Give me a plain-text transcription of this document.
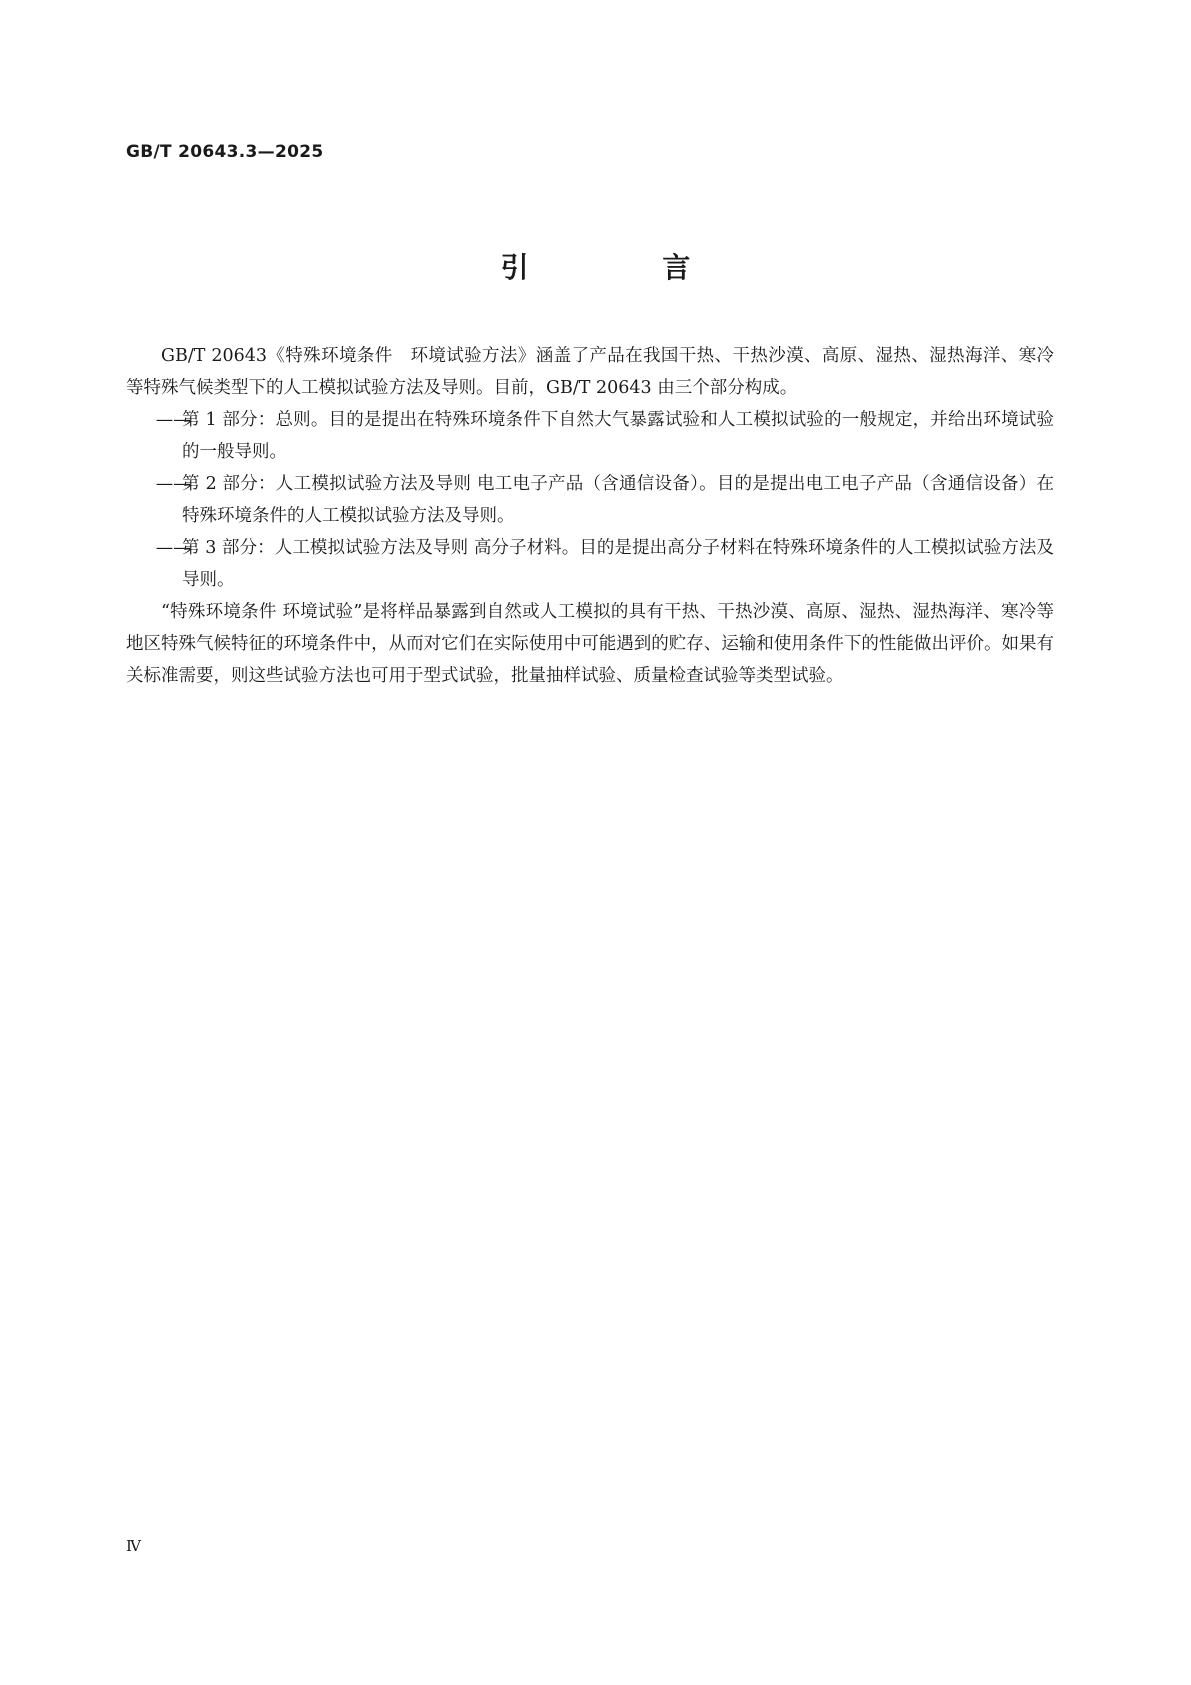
GB/T 20643.3—2025
引 言

GB/T 20643《特殊环境条件　环境试验方法》涵盖了产品在我国干热、干热沙漠、高原、湿热、湿热海洋、寒冷等特殊气候类型下的人工模拟试验方法及导则。目前，GB/T 20643 由三个部分构成。

——
第 1 部分：总则。目的是提出在特殊环境条件下自然大气暴露试验和人工模拟试验的一般规定，并给出环境试验的一般导则。
——
第 2 部分：人工模拟试验方法及导则 电工电子产品（含通信设备）。目的是提出电工电子产品（含通信设备）在特殊环境条件的人工模拟试验方法及导则。
——
第 3 部分：人工模拟试验方法及导则 高分子材料。目的是提出高分子材料在特殊环境条件的人工模拟试验方法及导则。

“特殊环境条件 环境试验”是将样品暴露到自然或人工模拟的具有干热、干热沙漠、高原、湿热、湿热海洋、寒冷等地区特殊气候特征的环境条件中，从而对它们在实际使用中可能遇到的贮存、运输和使用条件下的性能做出评价。如果有关标准需要，则这些试验方法也可用于型式试验，批量抽样试验、质量检查试验等类型试验。

Ⅳ
